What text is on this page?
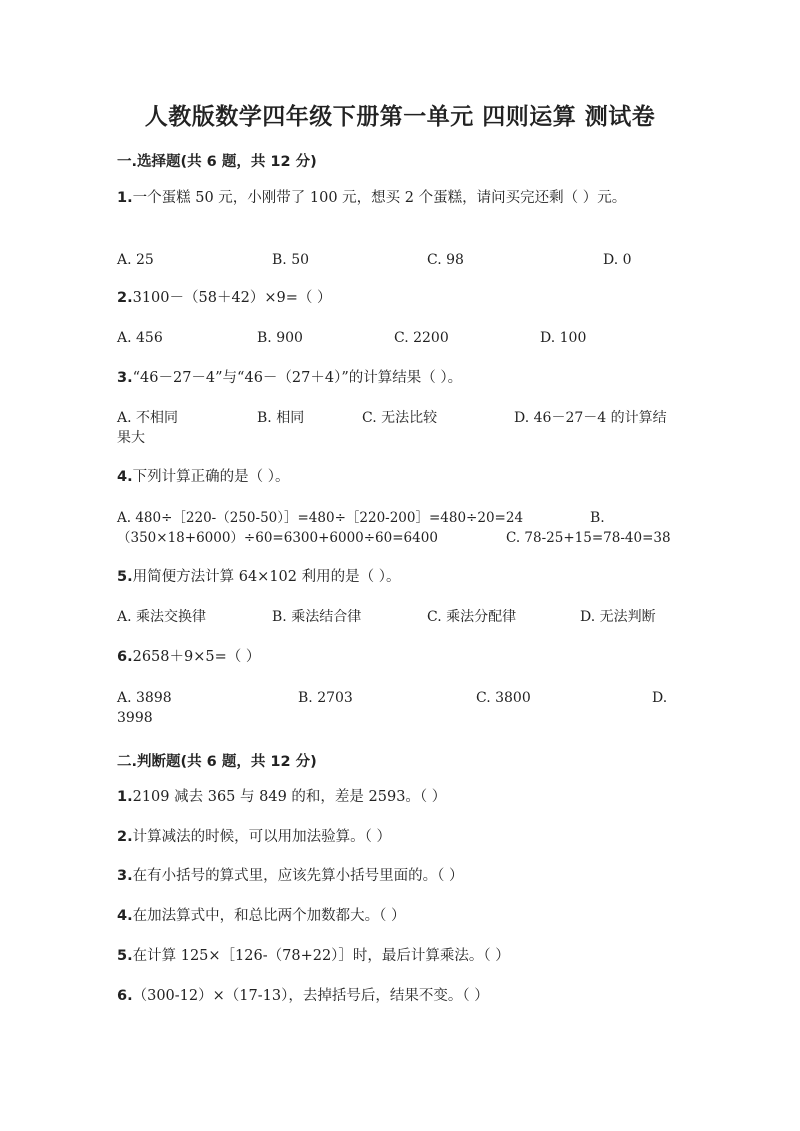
人教版数学四年级下册第一单元 四则运算 测试卷
一.选择题(共 6 题，共 12 分)
1.一个蛋糕 50 元，小刚带了 100 元，想买 2 个蛋糕，请问买完还剩（ ）元。
A. 25	B. 50	C. 98	D. 0
2.3100－（58＋42）×9=（ ）
A. 456	B. 900	C. 2200	D. 100
3.“46－27－4”与“46－（27＋4）”的计算结果（ ）。
A. 不相同	B. 相同	C. 无法比较	D. 46－27－4 的计算结果大
4.下列计算正确的是（ ）。
A. 480÷［220-（250-50）］=480÷［220-200］=480÷20=24	B.
（350×18+6000）÷60=6300+6000÷60=6400	C. 78-25+15=78-40=38
5.用简便方法计算 64×102 利用的是（ ）。
A. 乘法交换律	B. 乘法结合律	C. 乘法分配律	D. 无法判断
6.2658＋9×5=（ ）
A. 3898	B. 2703	C. 3800	D. 3998
二.判断题(共 6 题，共 12 分)
1.2109 减去 365 与 849 的和，差是 2593。（ ）
2.计算减法的时候，可以用加法验算。（ ）
3.在有小括号的算式里，应该先算小括号里面的。（ ）
4.在加法算式中，和总比两个加数都大。（ ）
5.在计算 125×［126-（78+22）］时，最后计算乘法。（ ）
6.（300-12）×（17-13），去掉括号后，结果不变。（ ）
